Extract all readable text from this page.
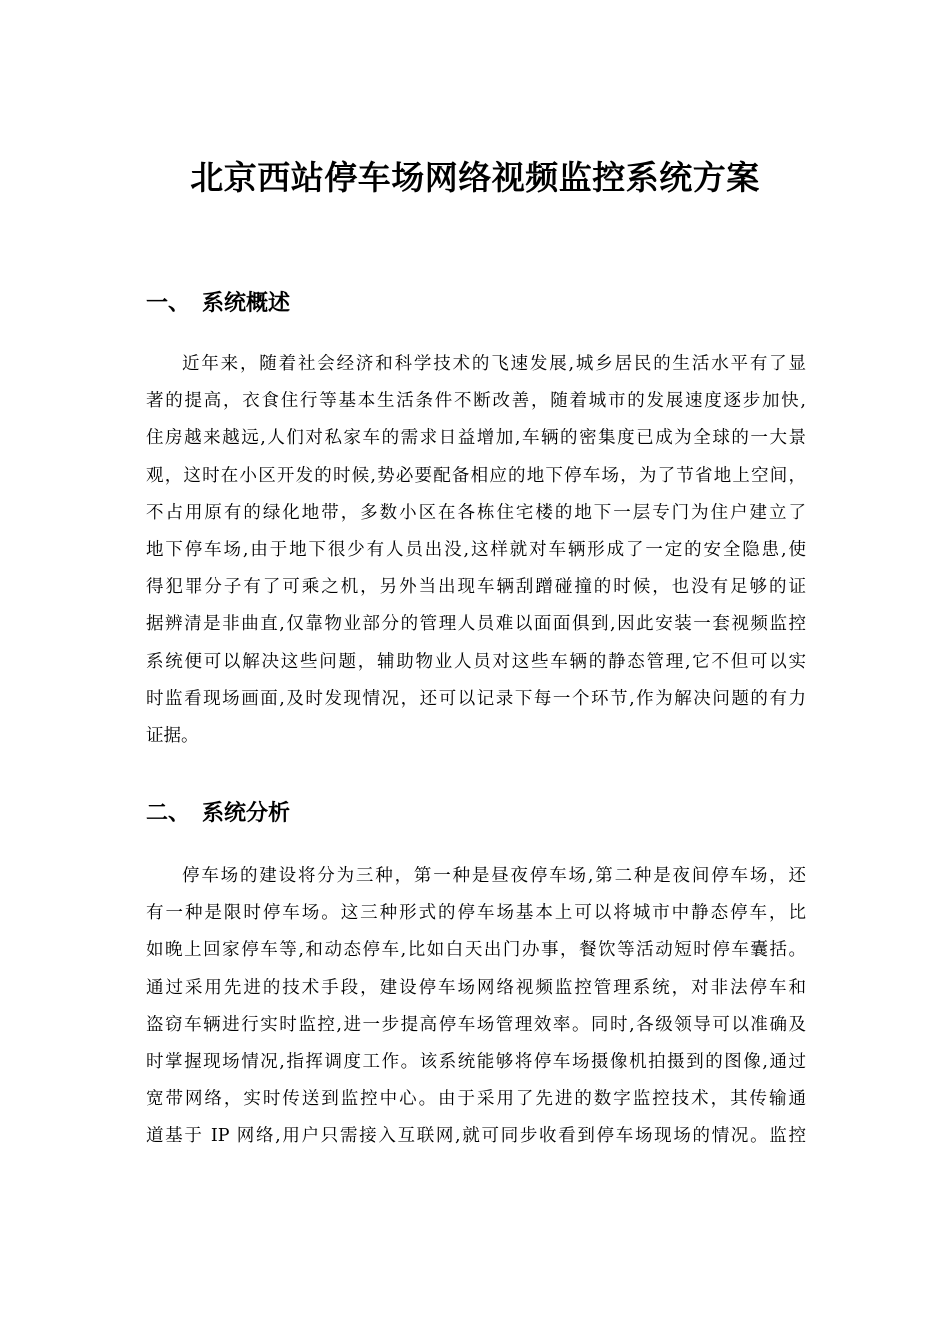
北京西站停车场网络视频监控系统方案
一、 系统概述
近年来，随着社会经济和科学技术的飞速发展,城乡居民的生活水平有了显
著的提高，衣食住行等基本生活条件不断改善，随着城市的发展速度逐步加快,
住房越来越远,人们对私家车的需求日益增加,车辆的密集度已成为全球的一大景
观，这时在小区开发的时候,势必要配备相应的地下停车场，为了节省地上空间，
不占用原有的绿化地带，多数小区在各栋住宅楼的地下一层专门为住户建立了
地下停车场,由于地下很少有人员出没,这样就对车辆形成了一定的安全隐患,使
得犯罪分子有了可乘之机，另外当出现车辆刮蹭碰撞的时候，也没有足够的证
据辨清是非曲直,仅靠物业部分的管理人员难以面面俱到,因此安装一套视频监控
系统便可以解决这些问题，辅助物业人员对这些车辆的静态管理,它不但可以实
时监看现场画面,及时发现情况，还可以记录下每一个环节,作为解决问题的有力
证据。
二、 系统分析
停车场的建设将分为三种，第一种是昼夜停车场,第二种是夜间停车场，还
有一种是限时停车场。这三种形式的停车场基本上可以将城市中静态停车，比
如晚上回家停车等,和动态停车,比如白天出门办事，餐饮等活动短时停车囊括。
通过采用先进的技术手段，建设停车场网络视频监控管理系统，对非法停车和
盗窃车辆进行实时监控,进一步提高停车场管理效率。同时,各级领导可以准确及
时掌握现场情况,指挥调度工作。该系统能够将停车场摄像机拍摄到的图像,通过
宽带网络，实时传送到监控中心。由于采用了先进的数字监控技术，其传输通
道基于 IP 网络,用户只需接入互联网,就可同步收看到停车场现场的情况。监控
